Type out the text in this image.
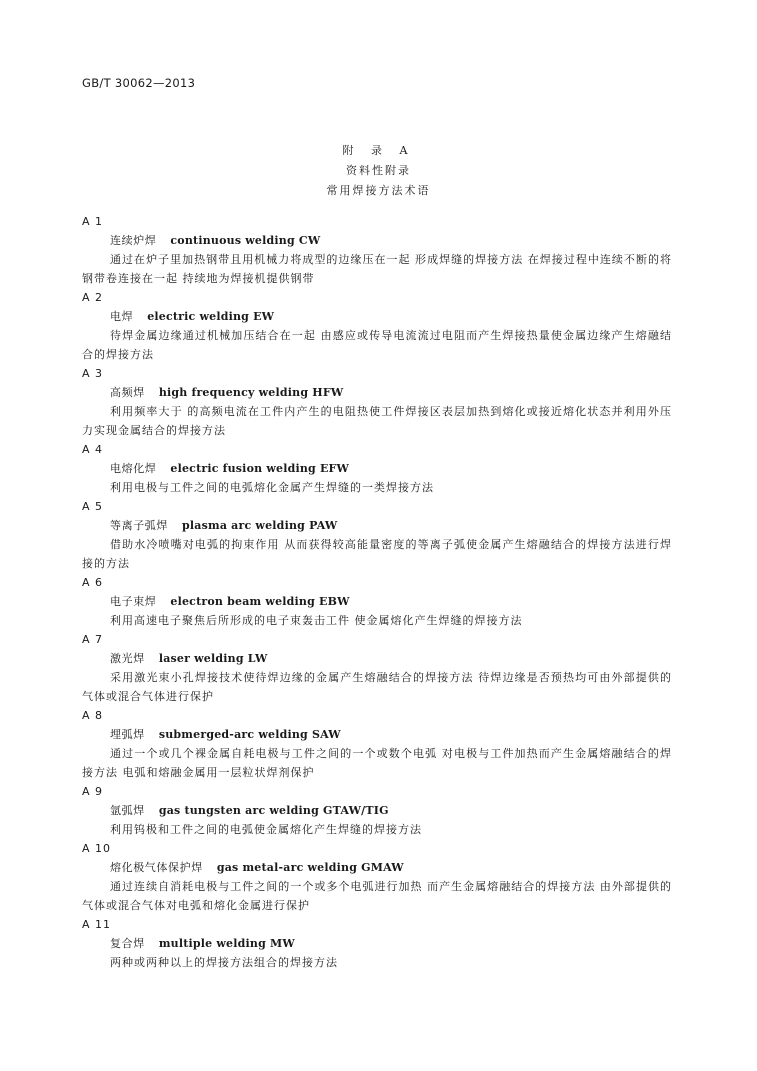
GB/T 30062—2013
附 录 A
资料性附录
常用焊接方法术语
A 1
连续炉焊 continuous welding CW

通过在炉子里加热钢带且用机械力将成型的边缘压在一起 形成焊缝的焊接方法 在焊接过程中连续不断的将钢带卷连接在一起 持续地为焊接机提供钢带

A 2
电焊 electric welding EW

待焊金属边缘通过机械加压结合在一起 由感应或传导电流流过电阻而产生焊接热量使金属边缘产生熔融结合的焊接方法

A 3
高频焊 high frequency welding HFW

利用频率大于 的高频电流在工件内产生的电阻热使工件焊接区表层加热到熔化或接近熔化状态并利用外压力实现金属结合的焊接方法

A 4
电熔化焊 electric fusion welding EFW

利用电极与工件之间的电弧熔化金属产生焊缝的一类焊接方法

A 5
等离子弧焊 plasma arc welding PAW

借助水冷喷嘴对电弧的拘束作用 从而获得较高能量密度的等离子弧使金属产生熔融结合的焊接方法进行焊接的方法

A 6
电子束焊 electron beam welding EBW

利用高速电子聚焦后所形成的电子束轰击工件 使金属熔化产生焊缝的焊接方法

A 7
激光焊 laser welding LW

采用激光束小孔焊接技术使待焊边缘的金属产生熔融结合的焊接方法 待焊边缘是否预热均可由外部提供的气体或混合气体进行保护

A 8
埋弧焊 submerged-arc welding SAW

通过一个或几个裸金属自耗电极与工件之间的一个或数个电弧 对电极与工件加热而产生金属熔融结合的焊接方法 电弧和熔融金属用一层粒状焊剂保护

A 9
氩弧焊 gas tungsten arc welding GTAW/TIG

利用钨极和工件之间的电弧使金属熔化产生焊缝的焊接方法

A 10
熔化极气体保护焊 gas metal-arc welding GMAW

通过连续自消耗电极与工件之间的一个或多个电弧进行加热 而产生金属熔融结合的焊接方法 由外部提供的气体或混合气体对电弧和熔化金属进行保护

A 11
复合焊 multiple welding MW

两种或两种以上的焊接方法组合的焊接方法
